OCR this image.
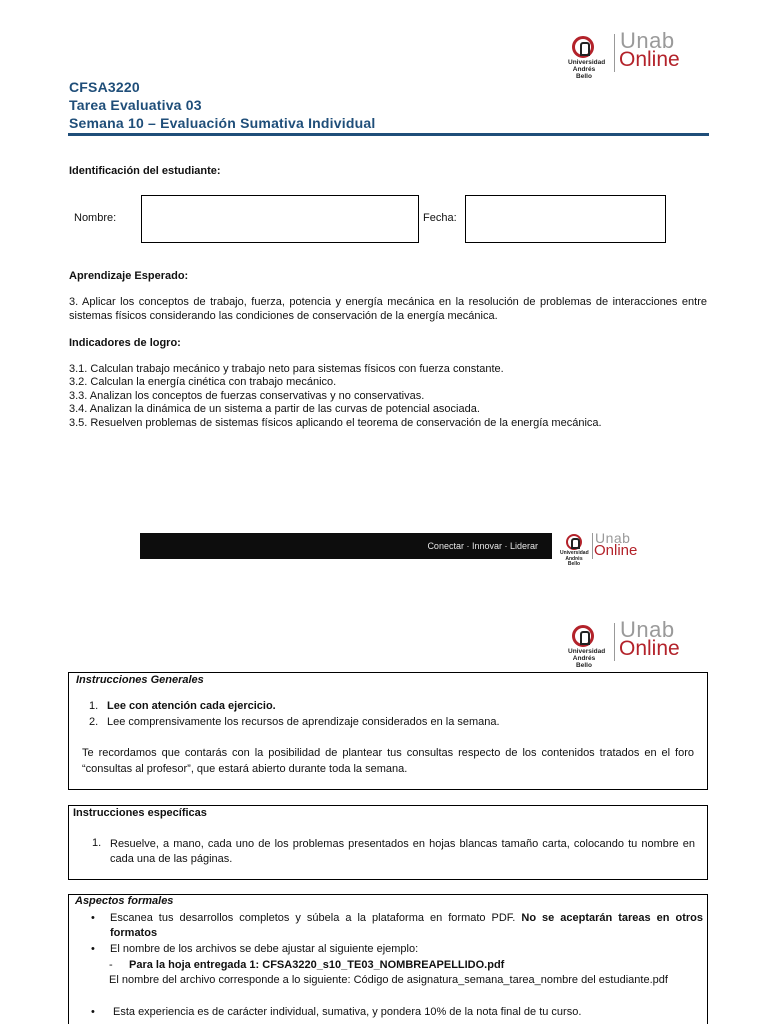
Universidad
Andrés Bello
Unab
Online
CFSA3220
Tarea Evaluativa 03
Semana 10 – Evaluación Sumativa Individual
Identificación del estudiante:
Nombre:	Fecha:
Aprendizaje Esperado:
3. Aplicar los conceptos de trabajo, fuerza, potencia y energía mecánica en la resolución de problemas de interacciones entre sistemas físicos considerando las condiciones de conservación de la energía mecánica.
Indicadores de logro:
3.1. Calculan trabajo mecánico y trabajo neto para sistemas físicos con fuerza constante.
3.2. Calculan la energía cinética con trabajo mecánico.
3.3. Analizan los conceptos de fuerzas conservativas y no conservativas.
3.4. Analizan la dinámica de un sistema a partir de las curvas de potencial asociada.
3.5. Resuelven problemas de sistemas físicos aplicando el teorema de conservación de la energía mecánica.
Conectar · Innovar · Liderar
Universidad
Andrés Bello
Unab
Online
Universidad
Andrés Bello
Unab
Online
Instrucciones Generales
1. Lee con atención cada ejercicio.
2. Lee comprensivamente los recursos de aprendizaje considerados en la semana.
Te recordamos que contarás con la posibilidad de plantear tus consultas respecto de los contenidos tratados en el foro “consultas al profesor”, que estará abierto durante toda la semana.
Instrucciones específicas
1. Resuelve, a mano, cada uno de los problemas presentados en hojas blancas tamaño carta, colocando tu nombre en cada una de las páginas.
Aspectos formales
• Escanea tus desarrollos completos y súbela a la plataforma en formato PDF. No se aceptarán tareas en otros formatos
• El nombre de los archivos se debe ajustar al siguiente ejemplo:
- Para la hoja entregada 1: CFSA3220_s10_TE03_NOMBREAPELLIDO.pdf
El nombre del archivo corresponde a lo siguiente: Código de asignatura_semana_tarea_nombre del estudiante.pdf
• Esta experiencia es de carácter individual, sumativa, y pondera 10% de la nota final de tu curso.
